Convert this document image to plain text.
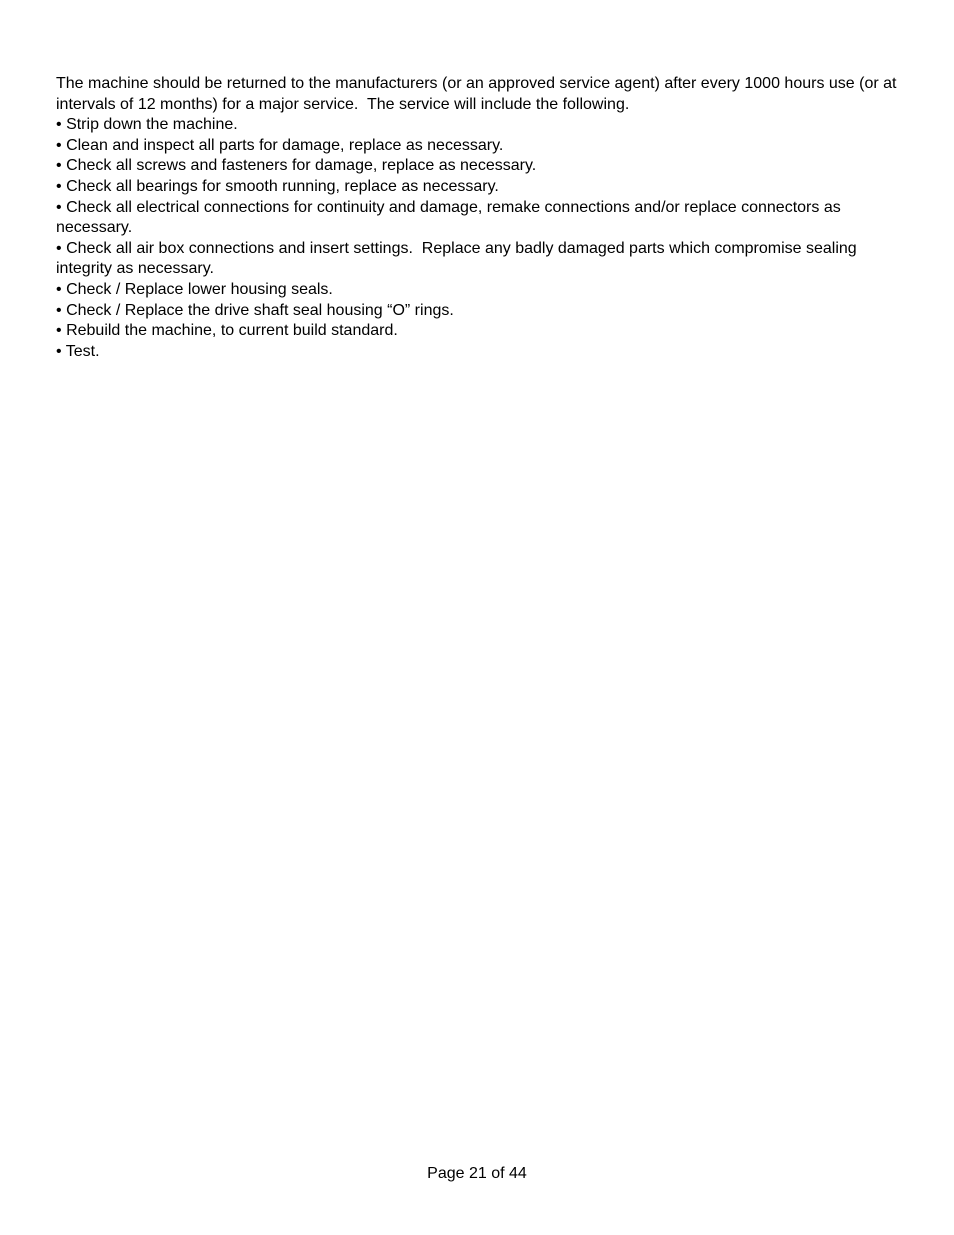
The machine should be returned to the manufacturers (or an approved service agent) after every 1000 hours use (or at intervals of 12 months) for a major service.  The service will include the following.

• Strip down the machine.
• Clean and inspect all parts for damage, replace as necessary.
• Check all screws and fasteners for damage, replace as necessary.
• Check all bearings for smooth running, replace as necessary.
• Check all electrical connections for continuity and damage, remake connections and/or replace connectors as necessary.
• Check all air box connections and insert settings.  Replace any badly damaged parts which compromise sealing integrity as necessary.
• Check / Replace lower housing seals.
• Check / Replace the drive shaft seal housing “O” rings.
• Rebuild the machine, to current build standard.
• Test.
Page 21 of 44
